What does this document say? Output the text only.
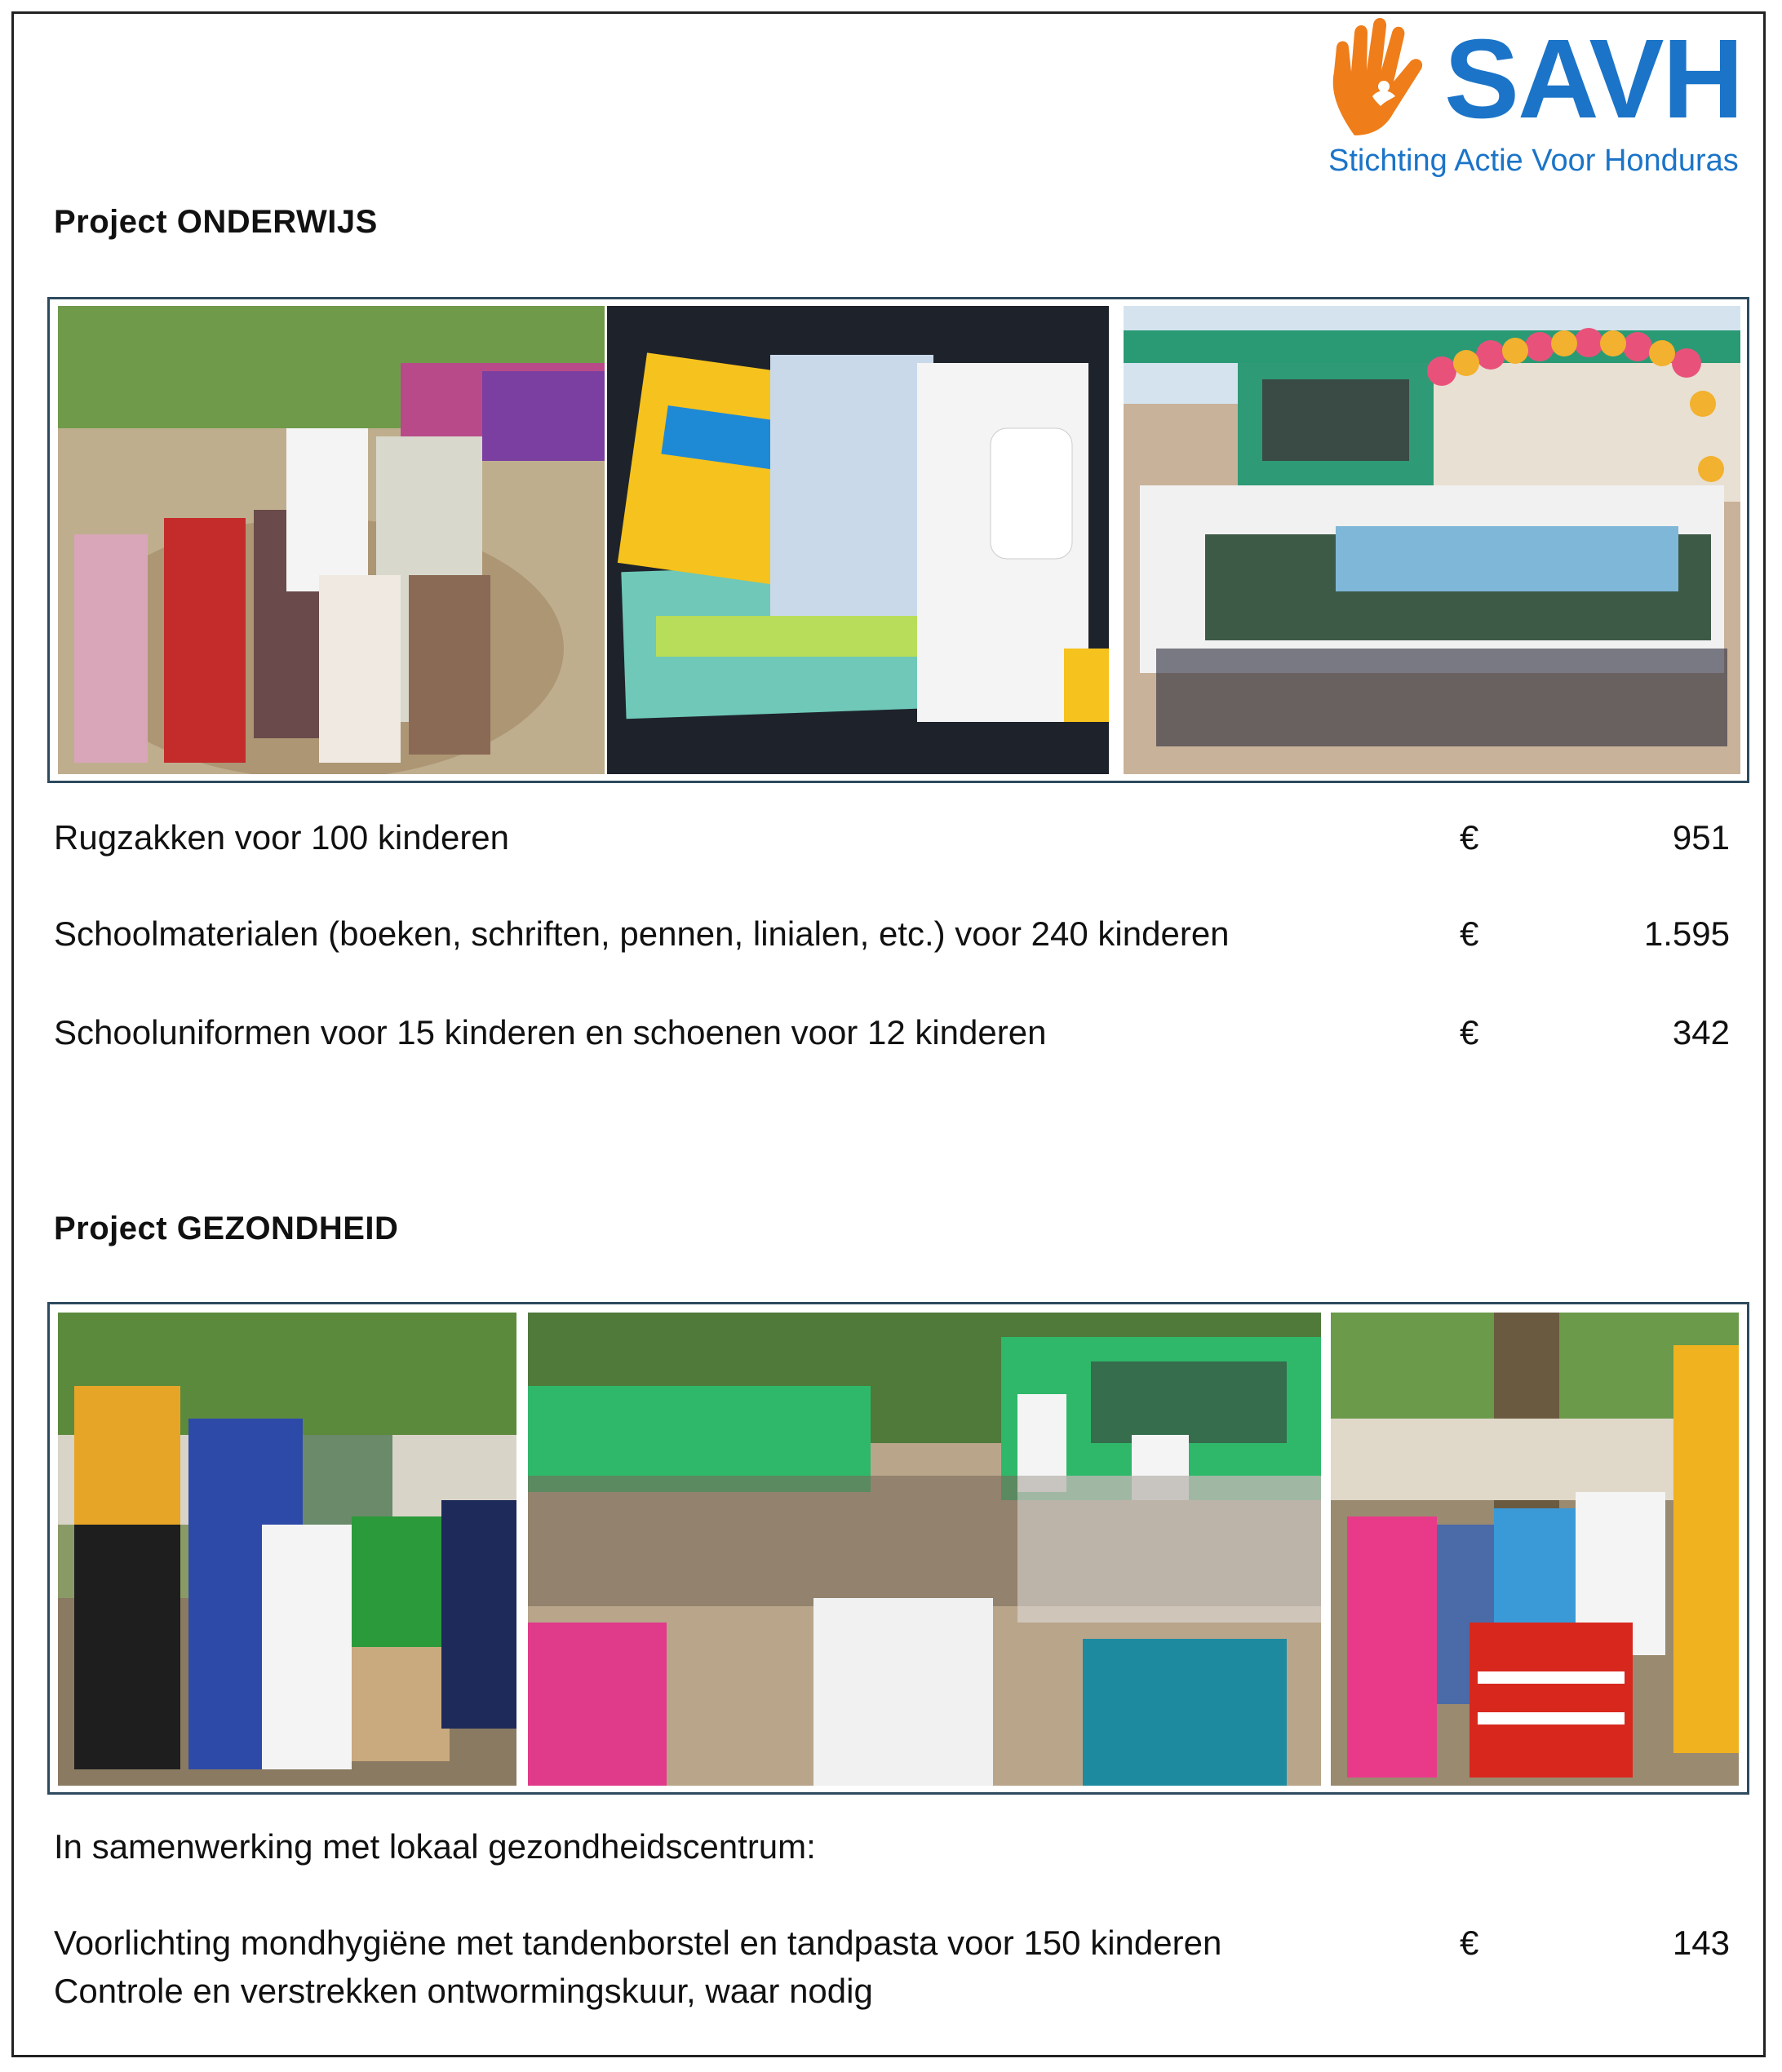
SAVH
Stichting Actie Voor Honduras
Project ONDERWIJS
Rugzakken voor 100 kinderen	€	951
Schoolmaterialen (boeken, schriften, pennen, linialen, etc.) voor 240 kinderen	€	1.595
Schooluniformen voor 15 kinderen en schoenen voor 12 kinderen	€	342
Project GEZONDHEID
In samenwerking met lokaal gezondheidscentrum:
Voorlichting mondhygiëne met tandenborstel en tandpasta voor 150 kinderen	€	143
Controle en verstrekken ontwormingskuur, waar nodig
